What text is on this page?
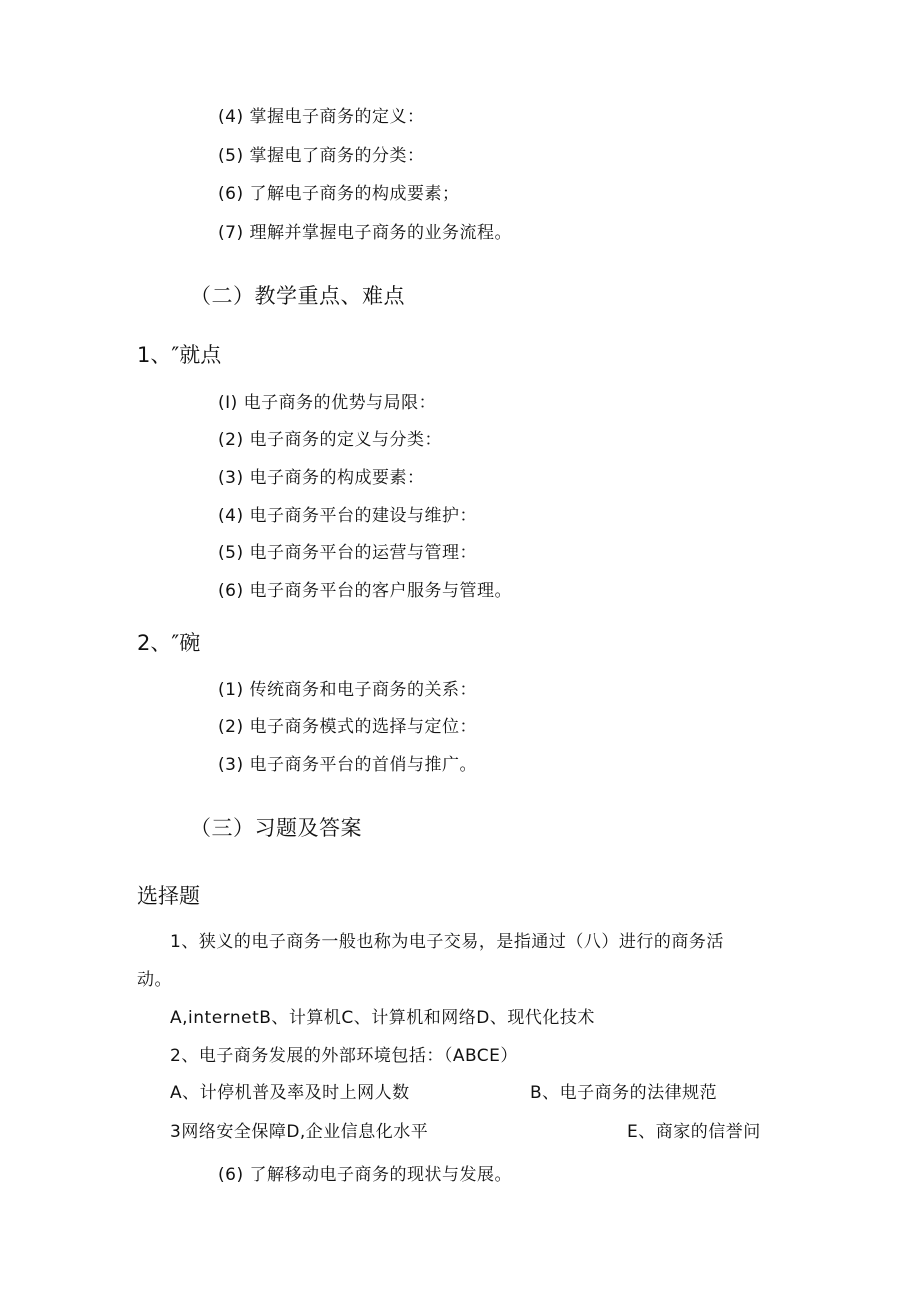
(4) 掌握电子商务的定义：
(5) 掌握电了商务的分类：
(6) 了解电子商务的构成要素；
(7) 理解并掌握电子商务的业务流程。
（二）教学重点、难点
1、″就点
(I) 电子商务的优势与局限：
(2) 电子商务的定义与分类：
(3) 电子商务的构成要素：
(4) 电子商务平台的建设与维护：
(5) 电子商务平台的运营与管理：
(6) 电子商务平台的客户服务与管理。
2、″碗
(1) 传统商务和电子商务的关系：
(2) 电子商务模式的选择与定位：
(3) 电子商务平台的首俏与推广。
（三）习题及答案
选择题
1、狭义的电子商务一般也称为电子交易，是指通过（八）进行的商务活
动。
A,internetB、计算机C、计算机和网络D、现代化技术
2、电子商务发展的外部环境包括：（ABCE）
A、计停机普及率及时上网人数	B、电子商务的法律规范
3网络安全保障D,企业信息化水平	E、商家的信誉问
(6) 了解移动电子商务的现状与发展。
